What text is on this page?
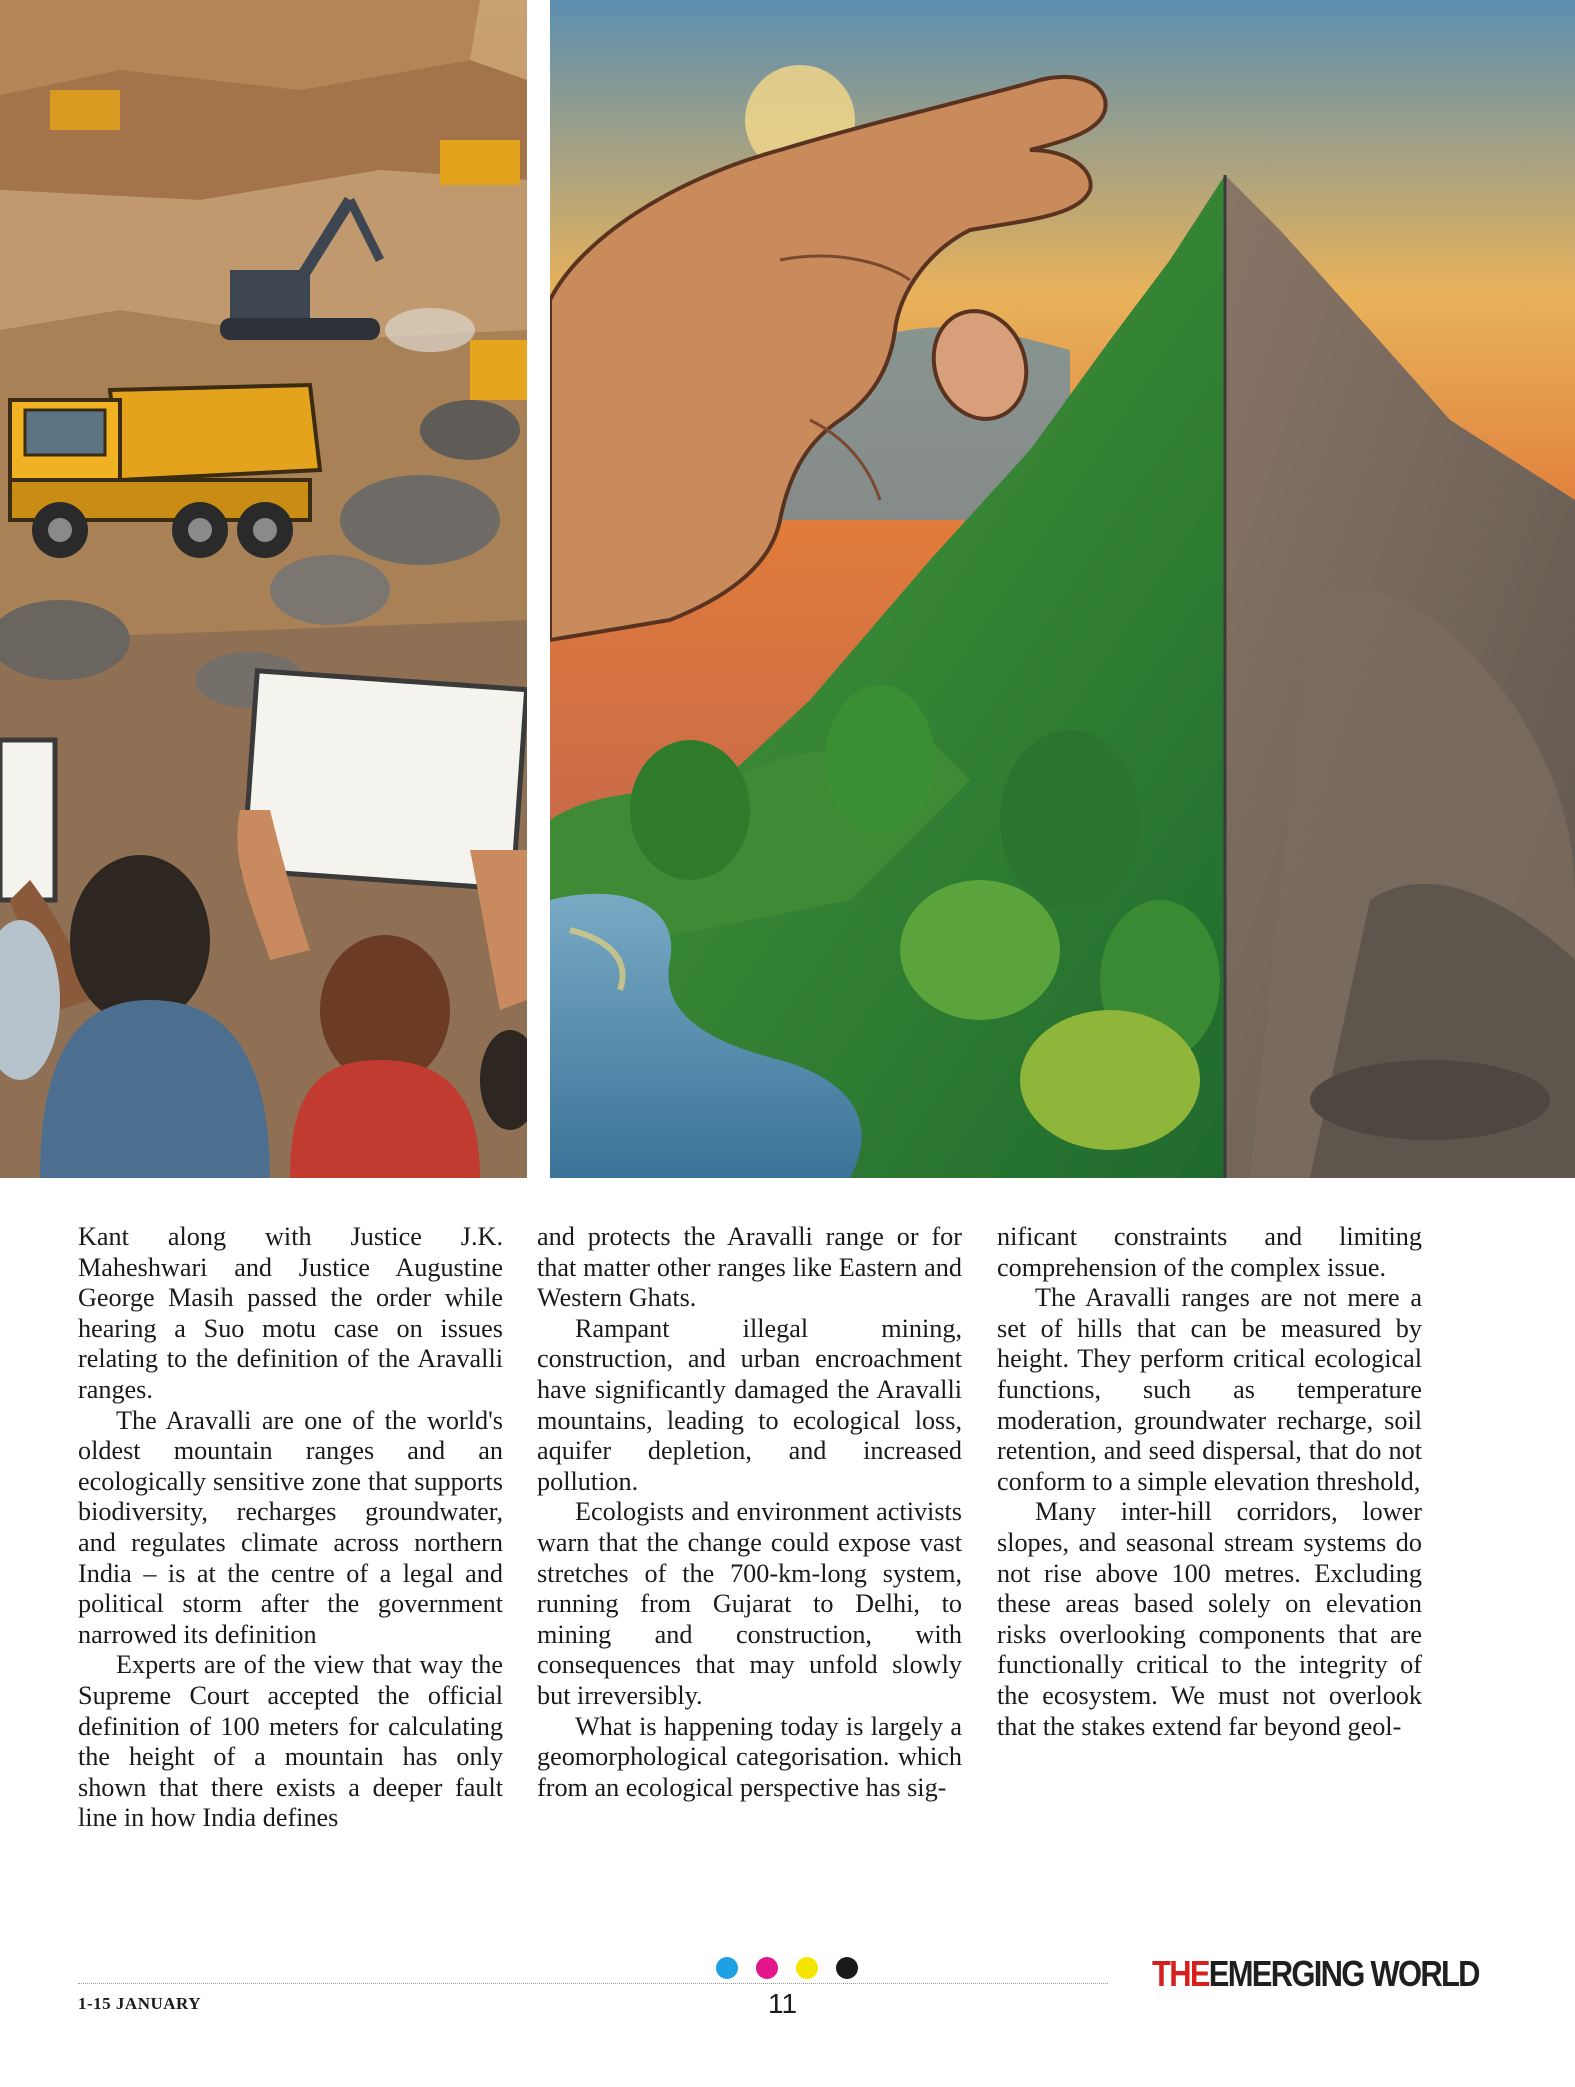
Kant along with Justice J.K. Maheshwari and Justice Augustine George Masih passed the order while hearing a Suo motu case on issues relating to the definition of the Aravalli ranges.

The Aravalli are one of the world's oldest mountain ranges and an ecologically sensitive zone that supports biodiversity, recharges groundwater, and regulates climate across northern India – is at the centre of a legal and political storm after the government narrowed its definition

Experts are of the view that way the Supreme Court accepted the official definition of 100 meters for calculating the height of a mountain has only shown that there exists a deeper fault line in how India defines

and protects the Aravalli range or for that matter other ranges like Eastern and Western Ghats.

Rampant illegal mining, construction, and urban encroachment have significantly damaged the Aravalli mountains, leading to ecological loss, aquifer depletion, and increased pollution.

Ecologists and environment activists warn that the change could expose vast stretches of the 700-km-long system, running from Gujarat to Delhi, to mining and construction, with consequences that may unfold slowly but irreversibly.

What is happening today is largely a geomorphological categorisation. which from an ecological perspective has sig-

nificant constraints and limiting comprehension of the complex issue.

The Aravalli ranges are not mere a set of hills that can be measured by height. They perform critical ecological functions, such as temperature moderation, groundwater recharge, soil retention, and seed dispersal, that do not conform to a simple elevation threshold,

Many inter-hill corridors, lower slopes, and seasonal stream systems do not rise above 100 metres. Excluding these areas based solely on elevation risks overlooking components that are functionally critical to the integrity of the ecosystem. We must not overlook that the stakes extend far beyond geol-

1-15 JANUARY	11
THEEMERGING WORLD
